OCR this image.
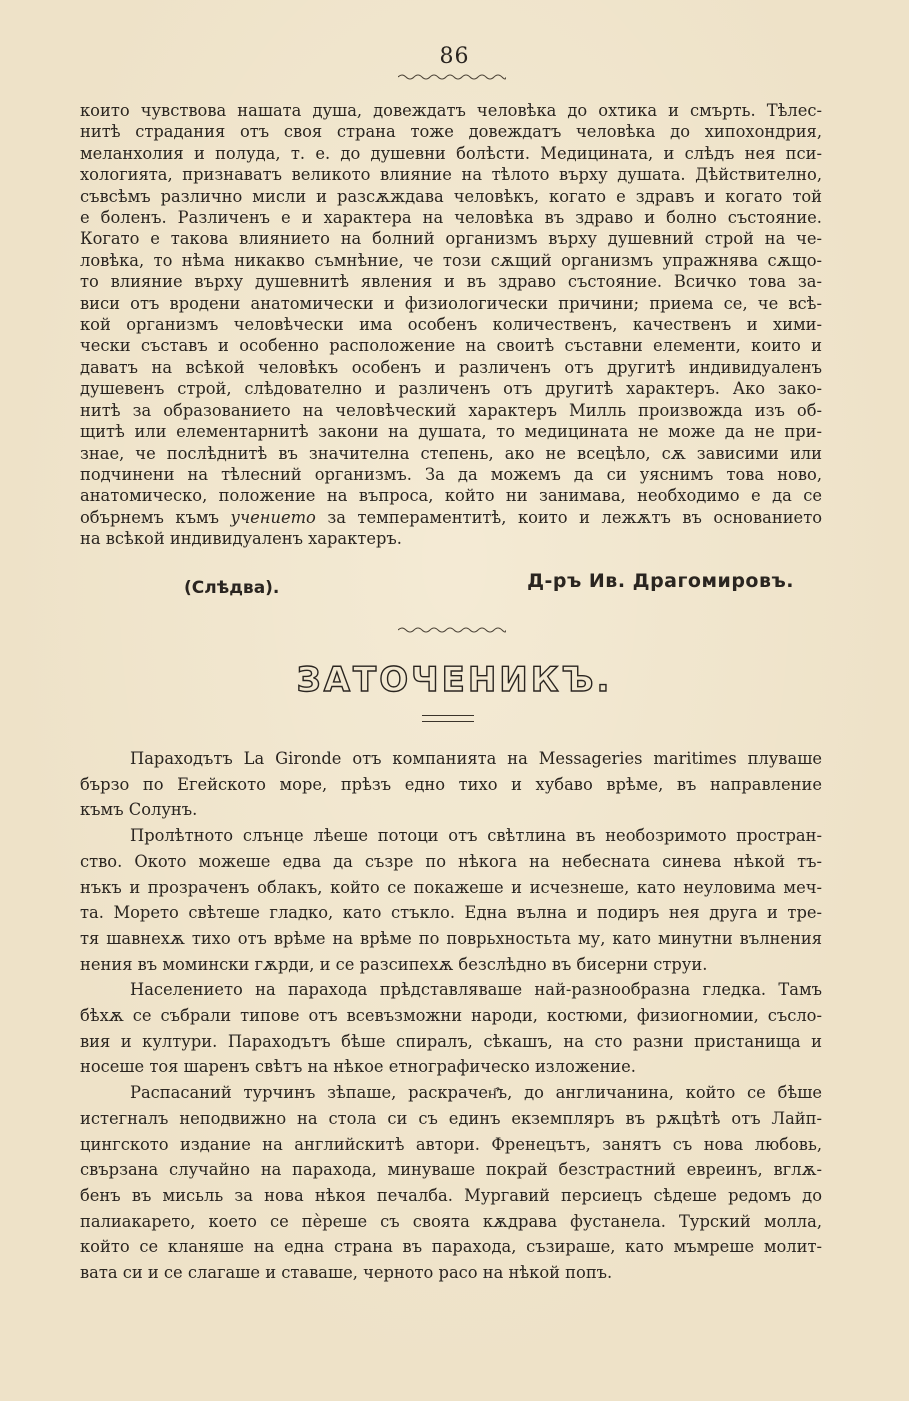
86
които чувствова нашата душа, довеждатъ человѣка до охтика и смърть. Тѣлес-
нитѣ страдания отъ своя страна тоже довеждатъ человѣка до хипохондрия,
меланхолия и полуда, т. е. до душевни болѣсти. Медицината, и слѣдъ нея пси-
хологията, признаватъ великото влияние на тѣлото върху душата. Дѣйствително,
съвсѣмъ различно мисли и разсѫждава человѣкъ, когато е здравъ и когато той
е боленъ. Различенъ е и характера на человѣка въ здраво и болно състояние.
Когато е такова влиянието на болний организмъ върху душевний строй на че-
ловѣка, то нѣма никакво съмнѣние, че този сѫщий организмъ упражнява сѫщо-
то влияние върху душевнитѣ явления и въ здраво състояние. Всичко това за-
виси отъ вродени анатомически и физиологически причини; приема се, че всѣ-
кой организмъ человѣчески има особенъ количественъ, качественъ и хими-
чески съставъ и особенно расположение на своитѣ съставни елементи, които и
даватъ на всѣкой человѣкъ особенъ и различенъ отъ другитѣ индивидуаленъ
душевенъ строй, слѣдователно и различенъ отъ другитѣ характеръ. Ако зако-
нитѣ за образованието на человѣческий характеръ Милль произвожда изъ об-
щитѣ или елементарнитѣ закони на душата, то медицината не може да не при-
знае, че послѣднитѣ въ значителна степень, ако не всецѣло, сѫ зависими или
подчинени на тѣлесний организмъ. За да можемъ да си уяснимъ това ново,
анатомическо, положение на въпроса, който ни занимава, необходимо е да се
обърнемъ къмъ учението за темпераментитѣ, които и лежѫтъ въ основанието
на всѣкой индивидуаленъ характеръ.
(Слѣдва).	Д-ръ Ив. Драгомировъ.
ЗАТОЧЕНИКЪ.
Параходътъ La Gironde отъ компанията на Messageries maritimes плуваше
бързо по Егейското море, прѣзъ едно тихо и хубаво врѣме, въ направление
къмъ Солунъ.
Пролѣтното слънце лѣеше потоци отъ свѣтлина въ необозримото простран-
ство. Окото можеше едва да съзре по нѣкога на небесната синева нѣкой тъ-
нъкъ и прозраченъ облакъ, който се покажеше и исчезнеше, като неуловима меч-
та. Морето свѣтеше гладко, като стъкло. Една вълна и подиръ нея друга и тре-
тя шавнехѫ тихо отъ врѣме на врѣме по поврьхностьта му, като минутни вълнения
нения въ момински гѫрди, и се разсипехѫ безслѣдно въ бисерни струи.
Населението на парахода прѣдставляваше най-разнообразна гледка. Тамъ
бѣхѫ се събрали типове отъ всевъзможни народи, костюми, физиогномии, съсло-
вия и култури. Параходътъ бѣше спиралъ, сѣкашъ, на сто разни пристанища и
носеше тоя шаренъ свѣтъ на нѣкое етнографическо изложение.
Распасаний турчинъ зѣпаше, раскрачен҄ъ, до англичанина, който се бѣше
истегналъ неподвижно на стола си съ единъ екземпляръ въ рѫцѣтѣ отъ Лайп-
цингското издание на английскитѣ автори. Френецътъ, занятъ съ нова любовь,
свързана случайно на парахода, минуваше покрай безстрастний евреинъ, вглѫ-
бенъ въ мисьль за нова нѣкоя печалба. Мургавий персиецъ сѣдеше редомъ до
палиакарето, което се пѐреше съ своята кѫдрава фустанела. Турский молла,
който се кланяше на една страна въ парахода, съзираше, като мъмреше молит-
вата си и се слагаше и ставаше, черното расо на нѣкой попъ.
